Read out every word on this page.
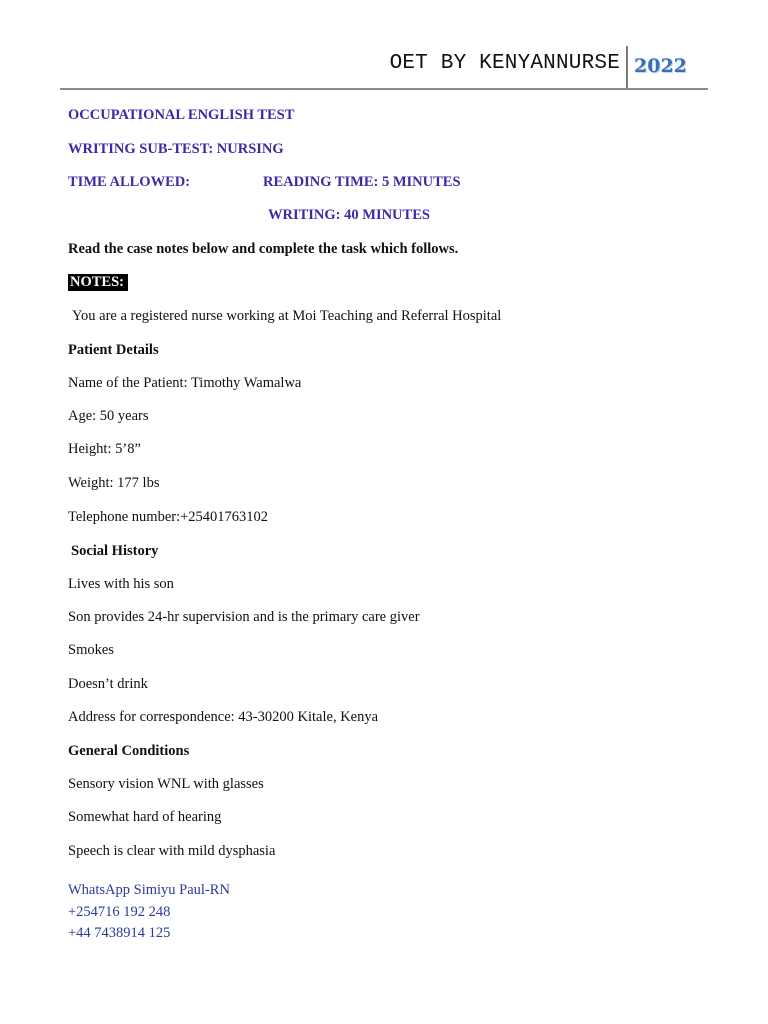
OET BY KENYANNURSE 2022
OCCUPATIONAL ENGLISH TEST
WRITING SUB-TEST: NURSING
TIME ALLOWED:	READING TIME: 5 MINUTES
WRITING: 40 MINUTES
Read the case notes below and complete the task which follows.
NOTES:
You are a registered nurse working at Moi Teaching and Referral Hospital
Patient Details
Name of the Patient: Timothy Wamalwa
Age: 50 years
Height: 5’8”
Weight: 177 lbs
Telephone number:+25401763102
Social History
Lives with his son
Son provides 24-hr supervision and is the primary care giver
Smokes
Doesn’t drink
Address for correspondence: 43-30200 Kitale, Kenya
General Conditions
Sensory vision WNL with glasses
Somewhat hard of hearing
Speech is clear with mild dysphasia
WhatsApp Simiyu Paul-RN
+254716 192 248
+44 7438914 125
